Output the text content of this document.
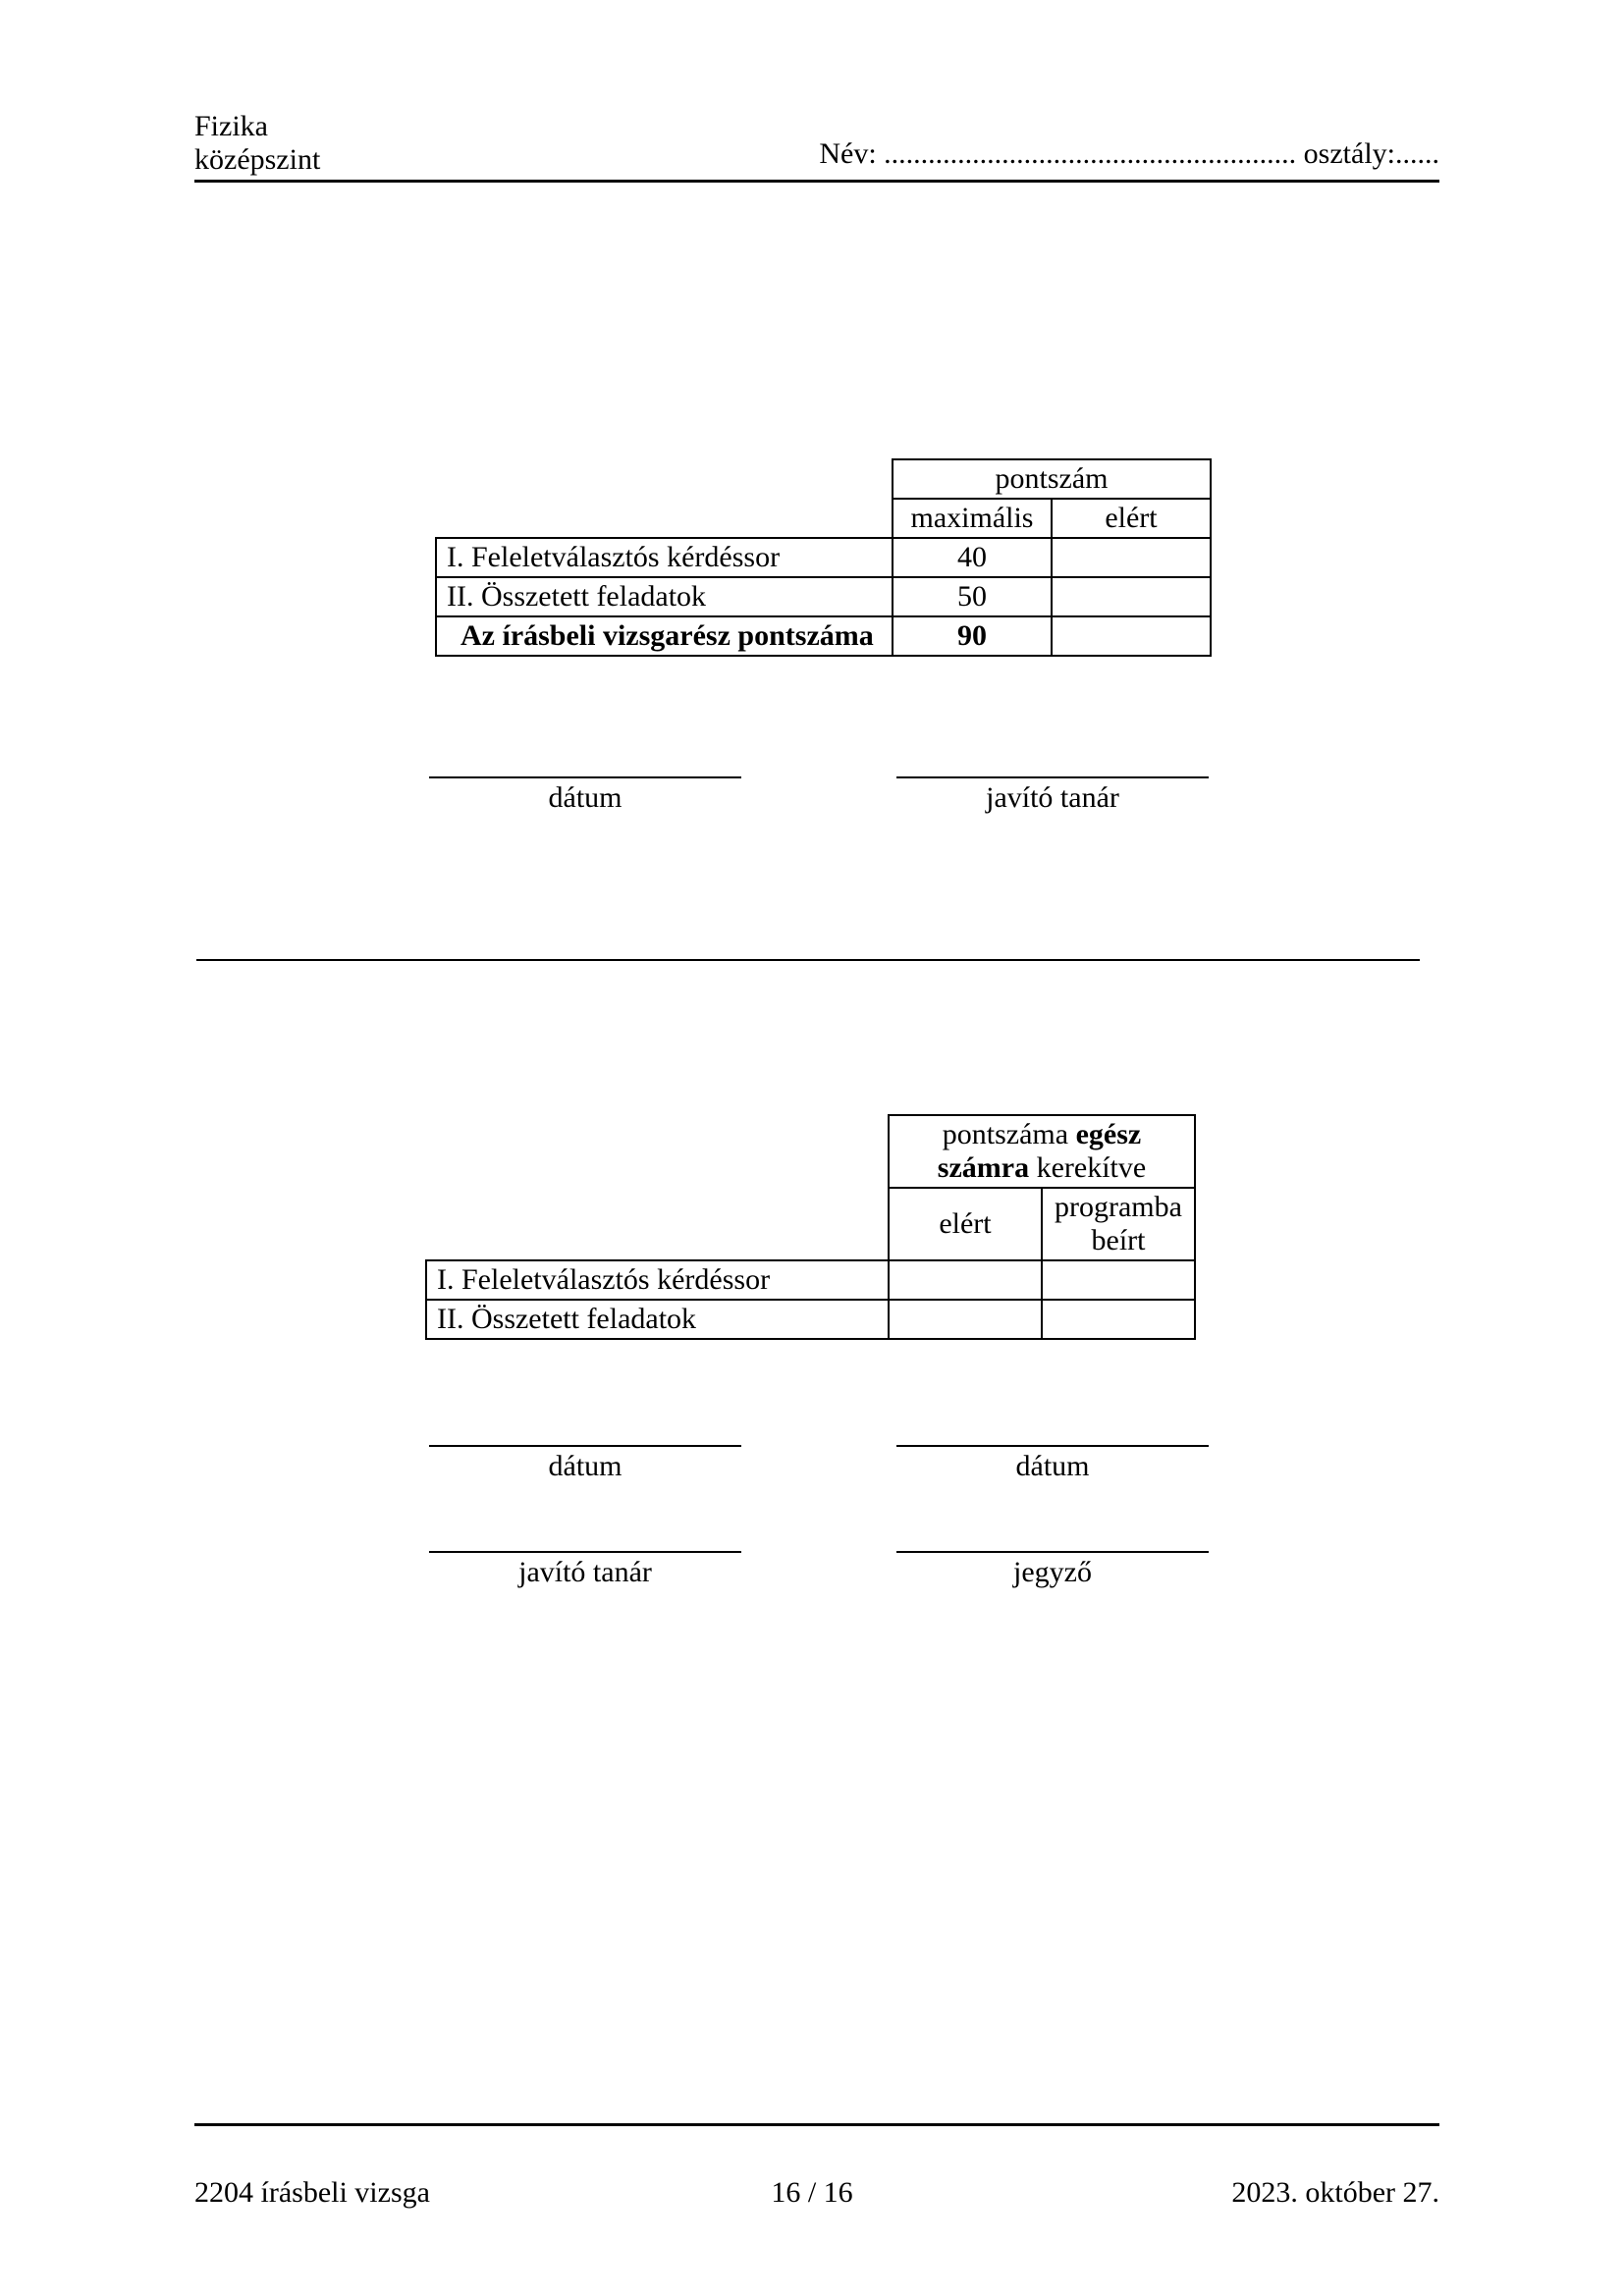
Fizika
középszint	Név: ........................................................ osztály:......
	pontszám	
	maximális	elért
I. Feleletválasztós kérdéssor	40	
II. Összetett feladatok	50	
Az írásbeli vizsgarész pontszáma	90	
dátum	javító tanár
	pontszáma egész
számra kerekítve	
	elért	programba
beírt
I. Feleletválasztós kérdéssor		
II. Összetett feladatok		
dátum	dátum
javító tanár	jegyző
2204 írásbeli vizsga	16 / 16	2023. október 27.
